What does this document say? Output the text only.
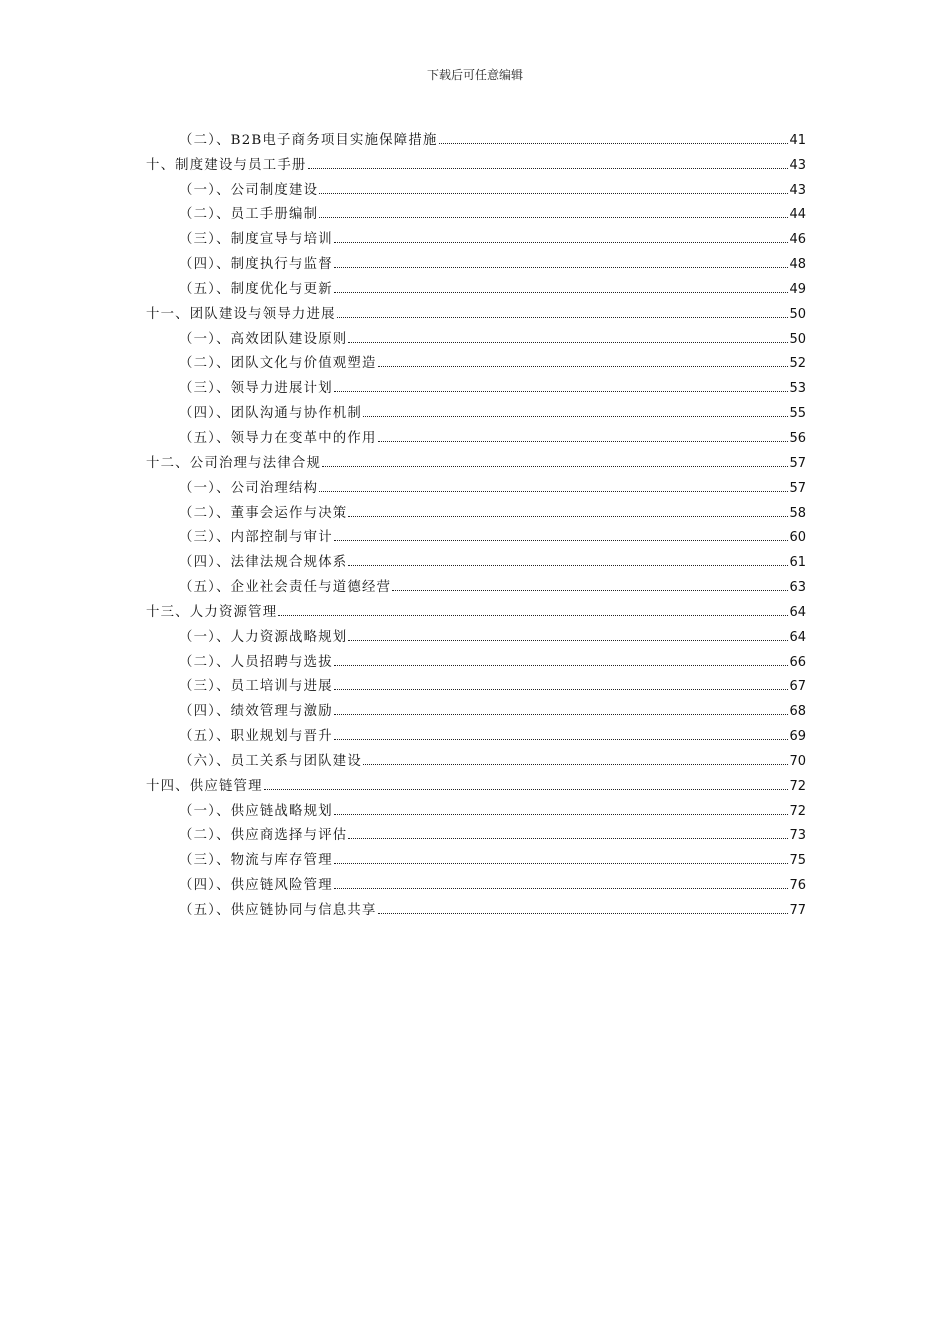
下载后可任意编辑
（二）、B2B电子商务项目实施保障措施	41
十、制度建设与员工手册	43
（一）、公司制度建设	43
（二）、员工手册编制	44
（三）、制度宣导与培训	46
（四）、制度执行与监督	48
（五）、制度优化与更新	49
十一、团队建设与领导力进展	50
（一）、高效团队建设原则	50
（二）、团队文化与价值观塑造	52
（三）、领导力进展计划	53
（四）、团队沟通与协作机制	55
（五）、领导力在变革中的作用	56
十二、公司治理与法律合规	57
（一）、公司治理结构	57
（二）、董事会运作与决策	58
（三）、内部控制与审计	60
（四）、法律法规合规体系	61
（五）、企业社会责任与道德经营	63
十三、人力资源管理	64
（一）、人力资源战略规划	64
（二）、人员招聘与选拔	66
（三）、员工培训与进展	67
（四）、绩效管理与激励	68
（五）、职业规划与晋升	69
（六）、员工关系与团队建设	70
十四、供应链管理	72
（一）、供应链战略规划	72
（二）、供应商选择与评估	73
（三）、物流与库存管理	75
（四）、供应链风险管理	76
（五）、供应链协同与信息共享	77
